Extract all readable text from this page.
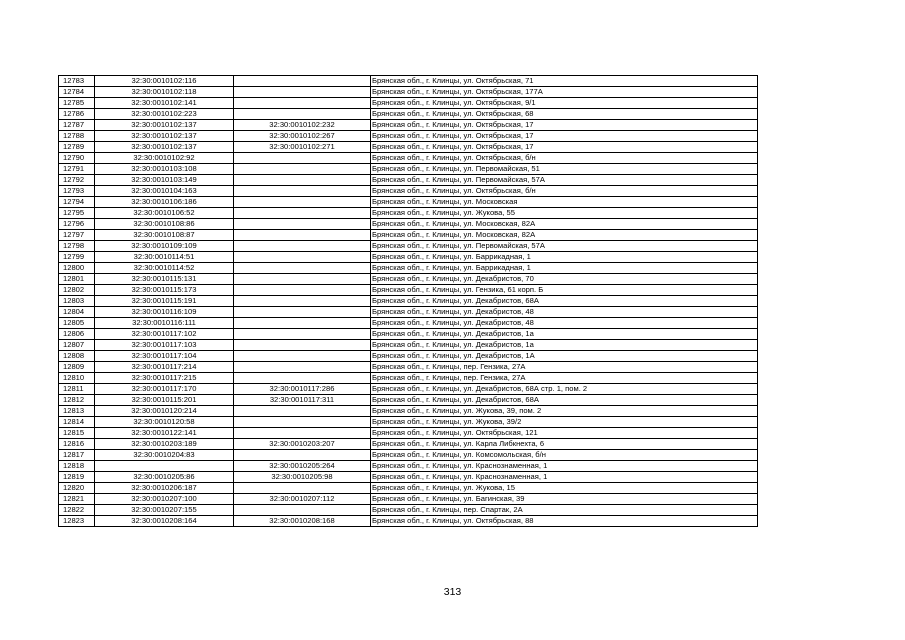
12783	32:30:0010102:116		Брянская обл., г. Клинцы, ул. Октябрьская, 71
12784	32:30:0010102:118		Брянская обл., г. Клинцы, ул. Октябрьская, 177А
12785	32:30:0010102:141		Брянская обл., г. Клинцы, ул. Октябрьская, 9/1
12786	32:30:0010102:223		Брянская обл., г. Клинцы, ул. Октябрьская, 68
12787	32:30:0010102:137	32:30:0010102:232	Брянская обл., г. Клинцы, ул. Октябрьская, 17
12788	32:30:0010102:137	32:30:0010102:267	Брянская обл., г. Клинцы, ул. Октябрьская, 17
12789	32:30:0010102:137	32:30:0010102:271	Брянская обл., г. Клинцы, ул. Октябрьская, 17
12790	32:30:0010102:92		Брянская обл., г. Клинцы, ул. Октябрьская, б/н
12791	32:30:0010103:108		Брянская обл., г. Клинцы, ул. Первомайская, 51
12792	32:30:0010103:149		Брянская обл., г. Клинцы, ул. Первомайская, 57А
12793	32:30:0010104:163		Брянская обл., г. Клинцы, ул. Октябрьская, б/н
12794	32:30:0010106:186		Брянская обл., г. Клинцы, ул. Московская
12795	32:30:0010106:52		Брянская обл., г. Клинцы, ул. Жукова, 55
12796	32:30:0010108:86		Брянская обл., г. Клинцы, ул. Московская, 82А
12797	32:30:0010108:87		Брянская обл., г. Клинцы, ул. Московская, 82А
12798	32:30:0010109:109		Брянская обл., г. Клинцы, ул. Первомайская, 57А
12799	32:30:0010114:51		Брянская обл., г. Клинцы, ул. Баррикадная, 1
12800	32:30:0010114:52		Брянская обл., г. Клинцы, ул. Баррикадная, 1
12801	32:30:0010115:131		Брянская обл., г. Клинцы, ул. Декабристов, 70
12802	32:30:0010115:173		Брянская обл., г. Клинцы, ул. Гензика, 61 корп. Б
12803	32:30:0010115:191		Брянская обл., г. Клинцы, ул. Декабристов, 68А
12804	32:30:0010116:109		Брянская обл., г. Клинцы, ул. Декабристов, 48
12805	32:30:0010116:111		Брянская обл., г. Клинцы, ул. Декабристов, 48
12806	32:30:0010117:102		Брянская обл., г. Клинцы, ул. Декабристов, 1а
12807	32:30:0010117:103		Брянская обл., г. Клинцы, ул. Декабристов, 1а
12808	32:30:0010117:104		Брянская обл., г. Клинцы, ул. Декабристов, 1А
12809	32:30:0010117:214		Брянская обл., г. Клинцы, пер. Гензика, 27А
12810	32:30:0010117:215		Брянская обл., г. Клинцы, пер. Гензика, 27А
12811	32:30:0010117:170	32:30:0010117:286	Брянская обл., г. Клинцы, ул. Декабристов, 68А стр. 1, пом. 2
12812	32:30:0010115:201	32:30:0010117:311	Брянская обл., г. Клинцы, ул. Декабристов, 68А
12813	32:30:0010120:214		Брянская обл., г. Клинцы, ул. Жукова, 39, пом. 2
12814	32:30:0010120:58		Брянская обл., г. Клинцы, ул. Жукова, 39/2
12815	32:30:0010122:141		Брянская обл., г. Клинцы, ул. Октябрьская, 121
12816	32:30:0010203:189	32:30:0010203:207	Брянская обл., г. Клинцы, ул. Карла Либкнехта, 6
12817	32:30:0010204:83		Брянская обл., г. Клинцы, ул. Комсомольская, б/н
12818		32:30:0010205:264	Брянская обл., г. Клинцы, ул. Краснознаменная, 1
12819	32:30:0010205:86	32:30:0010205:98	Брянская обл., г. Клинцы, ул. Краснознаменная, 1
12820	32:30:0010206:187		Брянская обл., г. Клинцы, ул. Жукова, 15
12821	32:30:0010207:100	32:30:0010207:112	Брянская обл., г. Клинцы, ул. Багинская, 39
12822	32:30:0010207:155		Брянская обл., г. Клинцы, пер. Спартак, 2А
12823	32:30:0010208:164	32:30:0010208:168	Брянская обл., г. Клинцы, ул. Октябрьская, 88
313
